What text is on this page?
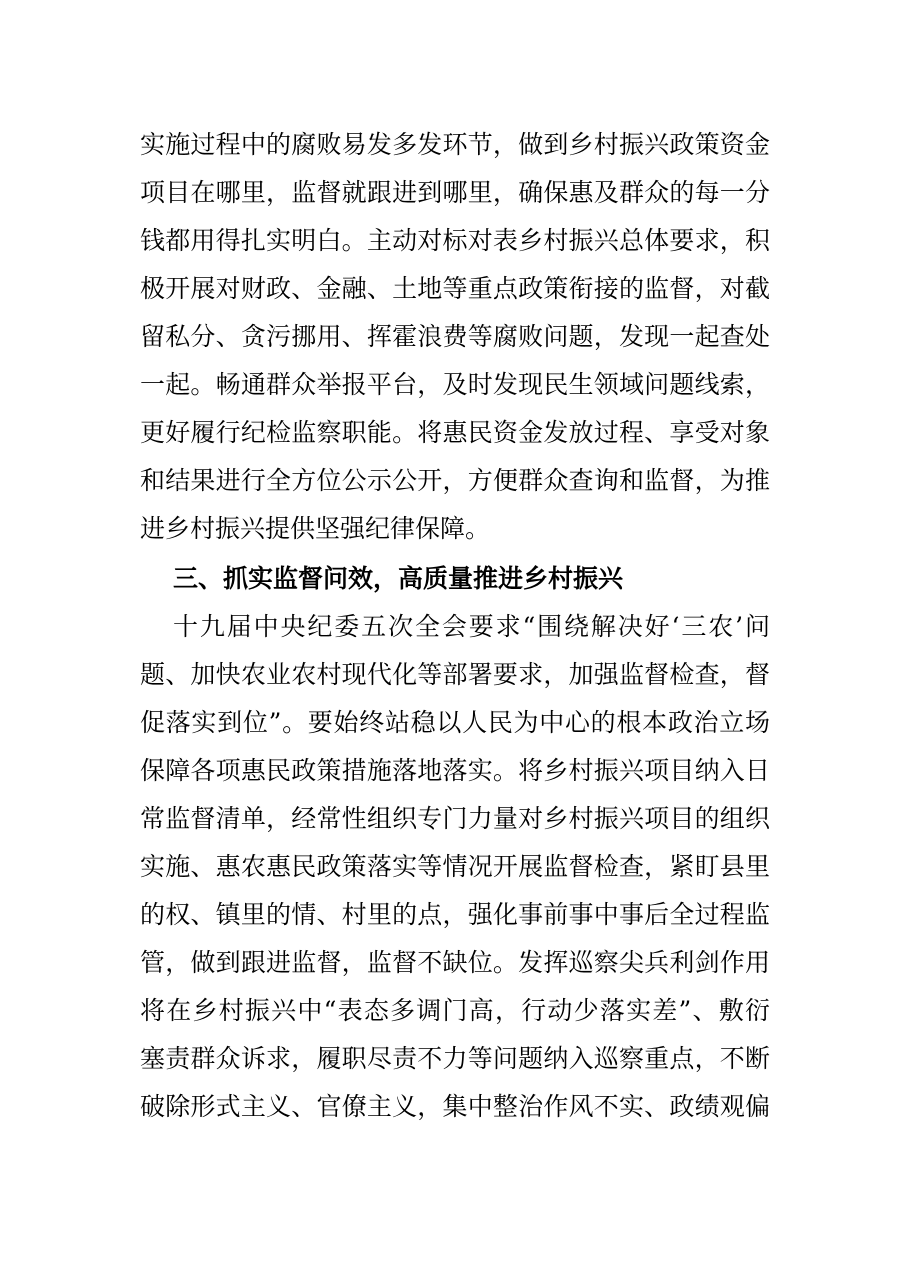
实施过程中的腐败易发多发环节，做到乡村振兴政策资金
项目在哪里，监督就跟进到哪里，确保惠及群众的每一分
钱都用得扎实明白。主动对标对表乡村振兴总体要求，积
极开展对财政、金融、土地等重点政策衔接的监督，对截
留私分、贪污挪用、挥霍浪费等腐败问题，发现一起查处
一起。畅通群众举报平台，及时发现民生领域问题线索，
更好履行纪检监察职能。将惠民资金发放过程、享受对象
和结果进行全方位公示公开，方便群众查询和监督，为推
进乡村振兴提供坚强纪律保障。
三、抓实监督问效，高质量推进乡村振兴
十九届中央纪委五次全会要求“围绕解决好‘三农’问
题、加快农业农村现代化等部署要求，加强监督检查，督
促落实到位”。要始终站稳以人民为中心的根本政治立场
保障各项惠民政策措施落地落实。将乡村振兴项目纳入日
常监督清单，经常性组织专门力量对乡村振兴项目的组织
实施、惠农惠民政策落实等情况开展监督检查，紧盯县里
的权、镇里的情、村里的点，强化事前事中事后全过程监
管，做到跟进监督，监督不缺位。发挥巡察尖兵利剑作用
将在乡村振兴中“表态多调门高，行动少落实差”、敷衍
塞责群众诉求，履职尽责不力等问题纳入巡察重点，不断
破除形式主义、官僚主义，集中整治作风不实、政绩观偏
